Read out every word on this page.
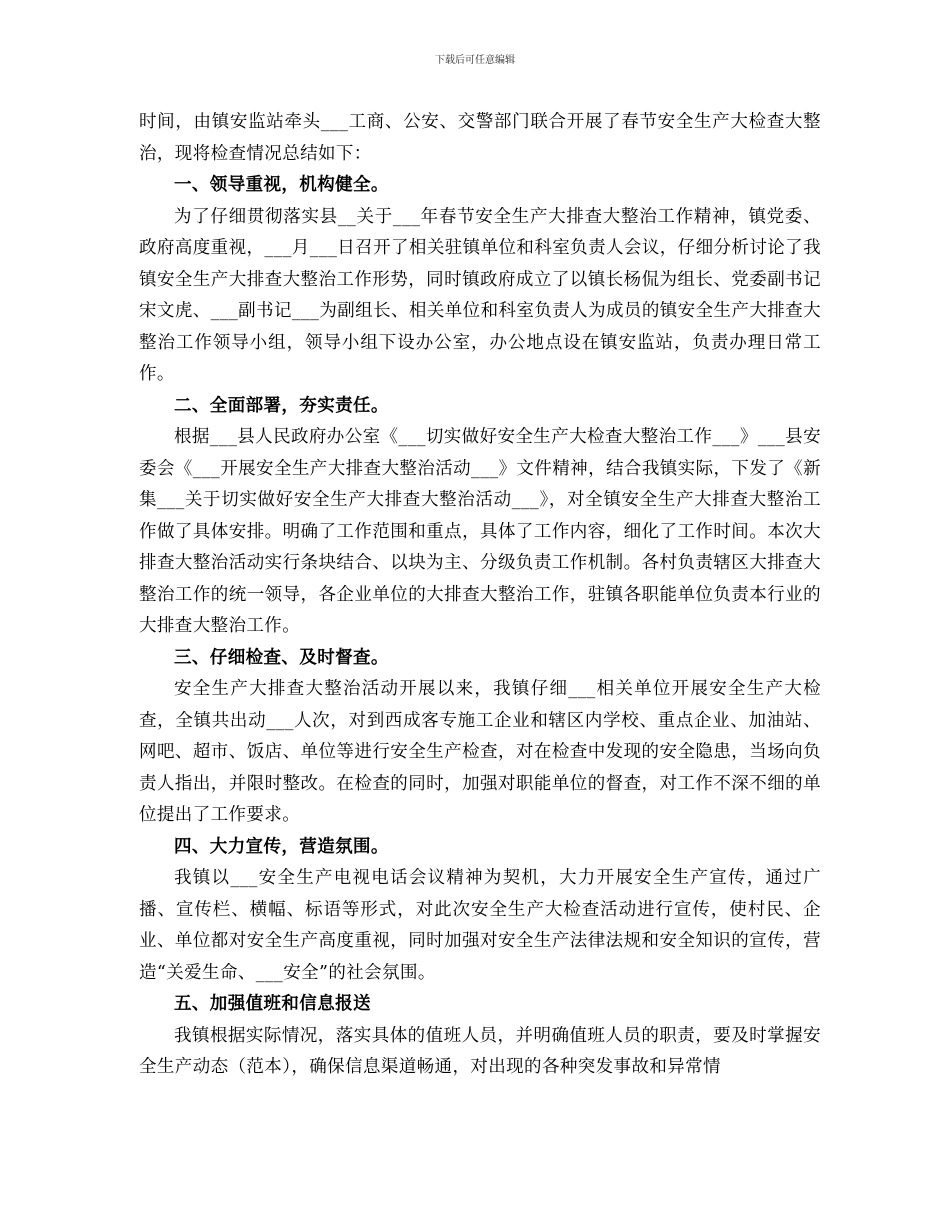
下载后可任意编辑

时间，由镇安监站牵头___工商、公安、交警部门联合开展了春节安全生产大检查大整治，现将检查情况总结如下：

一、领导重视，机构健全。

为了仔细贯彻落实县__关于___年春节安全生产大排查大整治工作精神，镇党委、政府高度重视，___月___日召开了相关驻镇单位和科室负责人会议，仔细分析讨论了我镇安全生产大排查大整治工作形势，同时镇政府成立了以镇长杨侃为组长、党委副书记宋文虎、___副书记___为副组长、相关单位和科室负责人为成员的镇安全生产大排查大整治工作领导小组，领导小组下设办公室，办公地点设在镇安监站，负责办理日常工作。

二、全面部署，夯实责任。

根据___县人民政府办公室《___切实做好安全生产大检查大整治工作___》___县安委会《___开展安全生产大排查大整治活动___》文件精神，结合我镇实际，下发了《新集___关于切实做好安全生产大排查大整治活动___》，对全镇安全生产大排查大整治工作做了具体安排。明确了工作范围和重点，具体了工作内容，细化了工作时间。本次大排查大整治活动实行条块结合、以块为主、分级负责工作机制。各村负责辖区大排查大整治工作的统一领导，各企业单位的大排查大整治工作，驻镇各职能单位负责本行业的大排查大整治工作。

三、仔细检查、及时督查。

安全生产大排查大整治活动开展以来，我镇仔细___相关单位开展安全生产大检查，全镇共出动___人次，对到西成客专施工企业和辖区内学校、重点企业、加油站、网吧、超市、饭店、单位等进行安全生产检查，对在检查中发现的安全隐患，当场向负责人指出，并限时整改。在检查的同时，加强对职能单位的督查，对工作不深不细的单位提出了工作要求。

四、大力宣传，营造氛围。

我镇以___安全生产电视电话会议精神为契机，大力开展安全生产宣传，通过广播、宣传栏、横幅、标语等形式，对此次安全生产大检查活动进行宣传，使村民、企业、单位都对安全生产高度重视，同时加强对安全生产法律法规和安全知识的宣传，营造“关爱生命、___安全”的社会氛围。

五、加强值班和信息报送

我镇根据实际情况，落实具体的值班人员，并明确值班人员的职责，要及时掌握安全生产动态（范本），确保信息渠道畅通，对出现的各种突发事故和异常情
